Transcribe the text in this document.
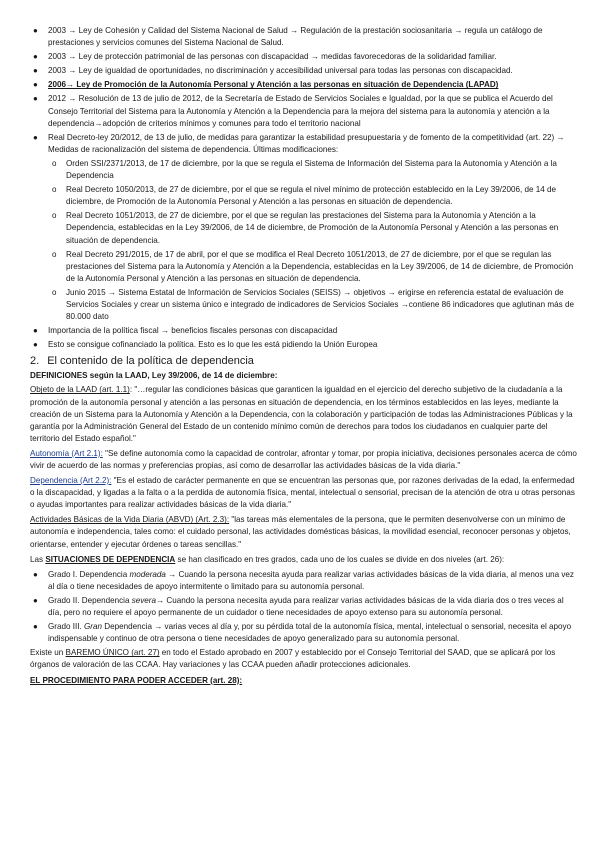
● 2003 → Ley de Cohesión y Calidad del Sistema Nacional de Salud → Regulación de la prestación sociosanitaria → regula un catálogo de prestaciones y servicios comunes del Sistema Nacional de Salud.
● 2003 → Ley de protección patrimonial de las personas con discapacidad → medidas favorecedoras de la solidaridad familiar.
● 2003 → Ley de igualdad de oportunidades, no discriminación y accesibilidad universal para todas las personas con discapacidad.
● 2006→ Ley de Promoción de la Autonomía Personal y Atención a las personas en situación de Dependencia (LAPAD)
● 2012 → Resolución de 13 de julio de 2012, de la Secretaría de Estado de Servicios Sociales e Igualdad, por la que se publica el Acuerdo del Consejo Territorial del Sistema para la Autonomía y Atención a la Dependencia para la mejora del sistema para la autonomía y atención a la dependencia→adopción de criterios mínimos y comunes para todo el territorio nacional
● Real Decreto-ley 20/2012, de 13 de julio, de medidas para garantizar la estabilidad presupuestaria y de fomento de la competitividad (art. 22) → Medidas de racionalización del sistema de dependencia. Últimas modificaciones:
o Orden SSI/2371/2013, de 17 de diciembre, por la que se regula el Sistema de Información del Sistema para la Autonomía y Atención a la Dependencia
o Real Decreto 1050/2013, de 27 de diciembre, por el que se regula el nivel mínimo de protección establecido en la Ley 39/2006, de 14 de diciembre, de Promoción de la Autonomía Personal y Atención a las personas en situación de dependencia.
o Real Decreto 1051/2013, de 27 de diciembre, por el que se regulan las prestaciones del Sistema para la Autonomía y Atención a la Dependencia, establecidas en la Ley 39/2006, de 14 de diciembre, de Promoción de la Autonomía Personal y Atención a las personas en situación de dependencia.
o Real Decreto 291/2015, de 17 de abril, por el que se modifica el Real Decreto 1051/2013, de 27 de diciembre, por el que se regulan las prestaciones del Sistema para la Autonomía y Atención a la Dependencia, establecidas en la Ley 39/2006, de 14 de diciembre, de Promoción de la Autonomía Personal y Atención a las personas en situación de dependencia.
o Junio 2015 → Sistema Estatal de Información de Servicios Sociales (SEISS) → objetivos → erigirse en referencia estatal de evaluación de Servicios Sociales y crear un sistema único e integrado de indicadores de Servicios Sociales →contiene 86 indicadores que aglutinan más de 80.000 dato
● Importancia de la política fiscal → beneficios fiscales personas con discapacidad
● Esto se consigue cofinanciado la política. Esto es lo que les está pidiendo la Unión Europea
2. El contenido de la política de dependencia
DEFINICIONES según la LAAD, Ley 39/2006, de 14 de diciembre:

Objeto de la LAAD (art. 1.1): "…regular las condiciones básicas que garanticen la igualdad en el ejercicio del derecho subjetivo de la ciudadanía a la promoción de la autonomía personal y atención a las personas en situación de dependencia, en los términos establecidos en las leyes, mediante la creación de un Sistema para la Autonomía y Atención a la Dependencia, con la colaboración y participación de todas las Administraciones Públicas y la garantía por la Administración General del Estado de un contenido mínimo común de derechos para todos los ciudadanos en cualquier parte del territorio del Estado español."

Autonomía (Art 2.1): "Se define autonomía como la capacidad de controlar, afrontar y tomar, por propia iniciativa, decisiones personales acerca de cómo vivir de acuerdo de las normas y preferencias propias, así como de desarrollar las actividades básicas de la vida diaria."

Dependencia (Art 2.2): "Es el estado de carácter permanente en que se encuentran las personas que, por razones derivadas de la edad, la enfermedad o la discapacidad, y ligadas a la falta o a la perdida de autonomía física, mental, intelectual o sensorial, precisan de la atención de otra u otras personas o ayudas importantes para realizar actividades básicas de la vida diaria."

Actividades Básicas de la Vida Diaria (ABVD) (Art. 2.3): "las tareas más elementales de la persona, que le permiten desenvolverse con un mínimo de autonomía e independencia, tales como: el cuidado personal, las actividades domésticas básicas, la movilidad esencial, reconocer personas y objetos, orientarse, entender y ejecutar órdenes o tareas sencillas."

Las SITUACIONES DE DEPENDENCIA se han clasificado en tres grados, cada uno de los cuales se divide en dos niveles (art. 26):

● Grado I. Dependencia moderada → Cuando la persona necesita ayuda para realizar varias actividades básicas de la vida diaria, al menos una vez al día o tiene necesidades de apoyo intermitente o limitado para su autonomía personal.
● Grado II. Dependencia severa→ Cuando la persona necesita ayuda para realizar varias actividades básicas de la vida diaria dos o tres veces al día, pero no requiere el apoyo permanente de un cuidador o tiene necesidades de apoyo extenso para su autonomía personal.
● Grado III. Gran Dependencia → varias veces al día y, por su pérdida total de la autonomía física, mental, intelectual o sensorial, necesita el apoyo indispensable y continuo de otra persona o tiene necesidades de apoyo generalizado para su autonomía personal.

Existe un BAREMO ÚNICO (art. 27) en todo el Estado aprobado en 2007 y establecido por el Consejo Territorial del SAAD, que se aplicará por los órganos de valoración de las CCAA. Hay variaciones y las CCAA pueden añadir protecciones adicionales.

EL PROCEDIMIENTO PARA PODER ACCEDER (art. 28):
